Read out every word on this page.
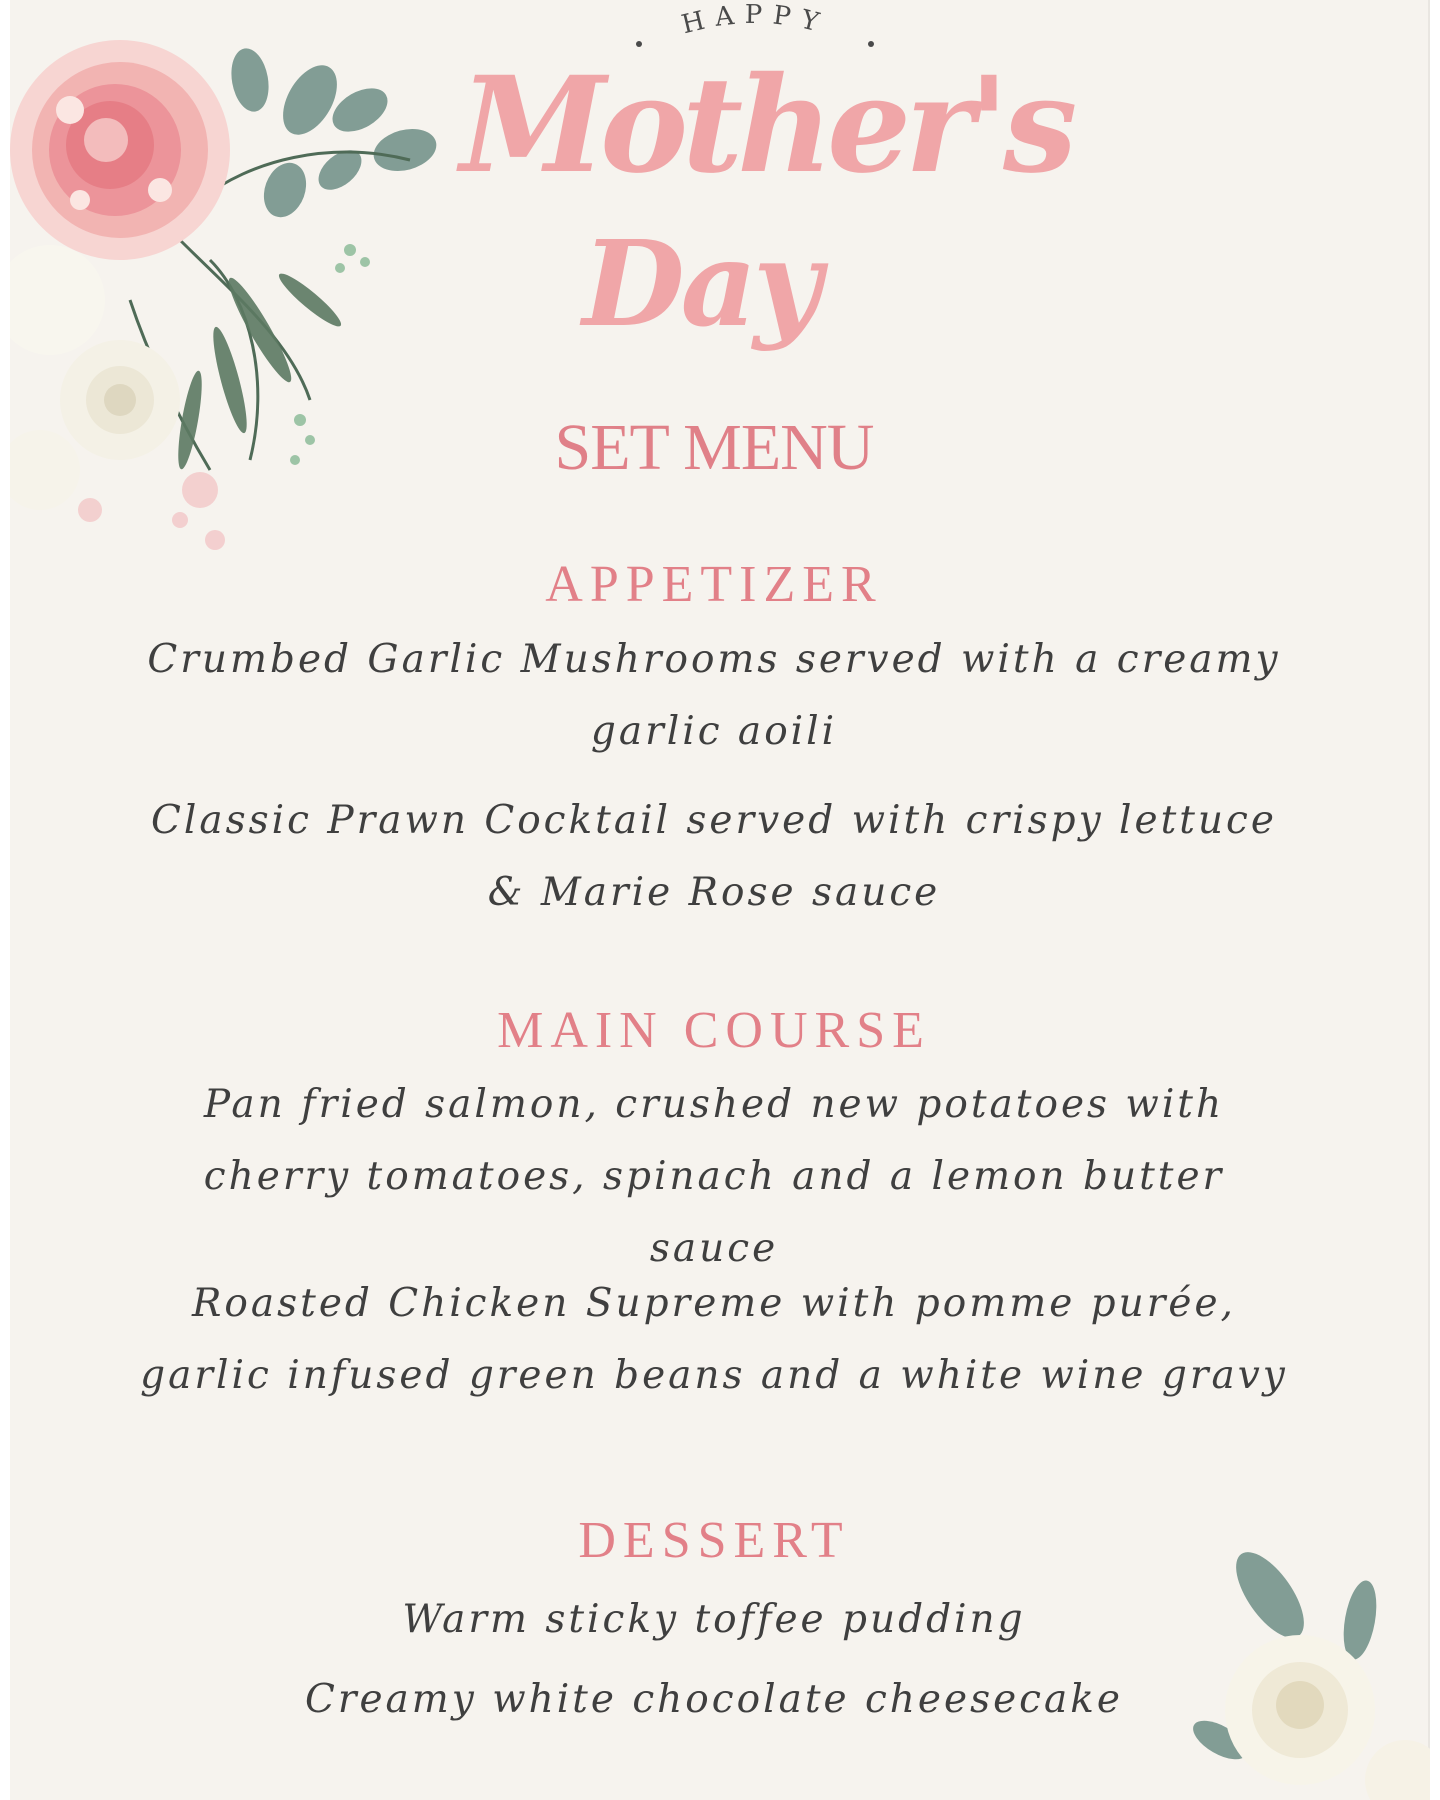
HAPPY
Mother's
Day
SET MENU
APPETIZER
Crumbed Garlic Mushrooms served with a creamy garlic aoili
Classic Prawn Cocktail served with crispy lettuce & Marie Rose sauce
MAIN COURSE
Pan fried salmon, crushed new potatoes with cherry tomatoes, spinach and a lemon butter sauce
Roasted Chicken Supreme with pomme purée, garlic infused green beans and a white wine gravy
DESSERT
Warm sticky toffee pudding
Creamy white chocolate cheesecake
